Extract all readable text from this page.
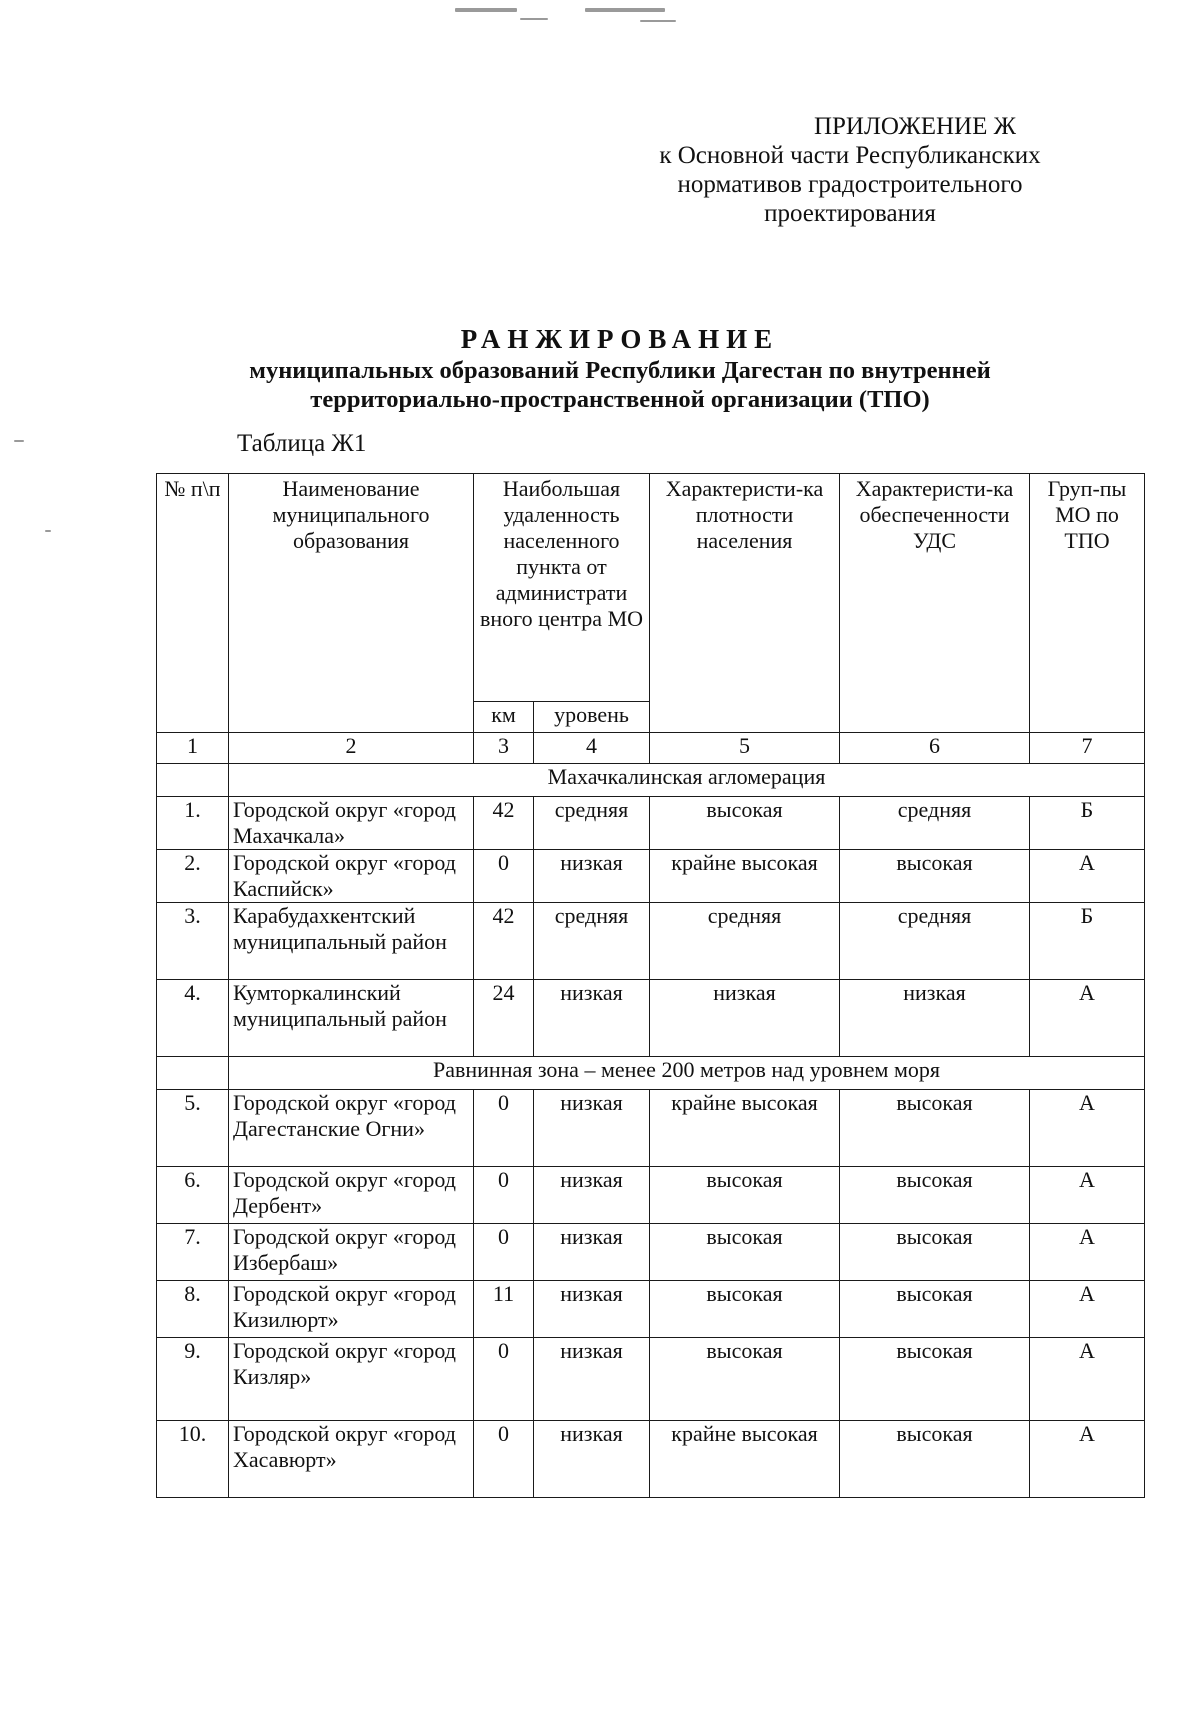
ПРИЛОЖЕНИЕ Ж
к Основной части Республиканских
нормативов градостроительного
проектирования
РАНЖИРОВАНИЕ
муниципальных образований Республики Дагестан по внутренней
территориально-пространственной организации (ТПО)
Таблица Ж1
№ п\п	Наименование муниципального образования	Наибольшая удаленность населенного пункта от администрати вного центра МО		Характеристи-ка плотности населения	Характеристи-ка обеспеченности УДС	Груп-пы МО по ТПО
		км	уровень			
1	2	3	4	5	6	7
	Махачкалинская агломерация					
1.	Городской округ «город Махачкала»	42	средняя	высокая	средняя	Б
2.	Городской округ «город Каспийск»	0	низкая	крайне высокая	высокая	А
3.	Карабудахкентский муниципальный район	42	средняя	средняя	средняя	Б
4.	Кумторкалинский муниципальный район	24	низкая	низкая	низкая	А
	Равнинная зона – менее 200 метров над уровнем моря					
5.	Городской округ «город Дагестанские Огни»	0	низкая	крайне высокая	высокая	А
6.	Городской округ «город Дербент»	0	низкая	высокая	высокая	А
7.	Городской округ «город Избербаш»	0	низкая	высокая	высокая	А
8.	Городской округ «город Кизилюрт»	11	низкая	высокая	высокая	А
9.	Городской округ «город Кизляр»	0	низкая	высокая	высокая	А
10.	Городской округ «город Хасавюрт»	0	низкая	крайне высокая	высокая	А
